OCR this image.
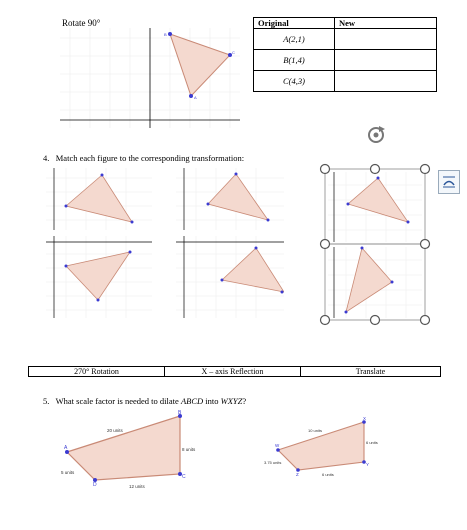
Rotate 90°
B
C
A
Original	New
A(2,1)	
B(1,4)	
C(4,3)	
4. Match each figure to the corresponding transformation:
270° Rotation	X – axis Reflection	Translate
5. What scale factor is needed to dilate ABCD into WXYZ?
A
B
C
D
20 units
5 units
12 units
8 units
W
X
Y
Z
10 units
3.75 units
6 units
6 units
